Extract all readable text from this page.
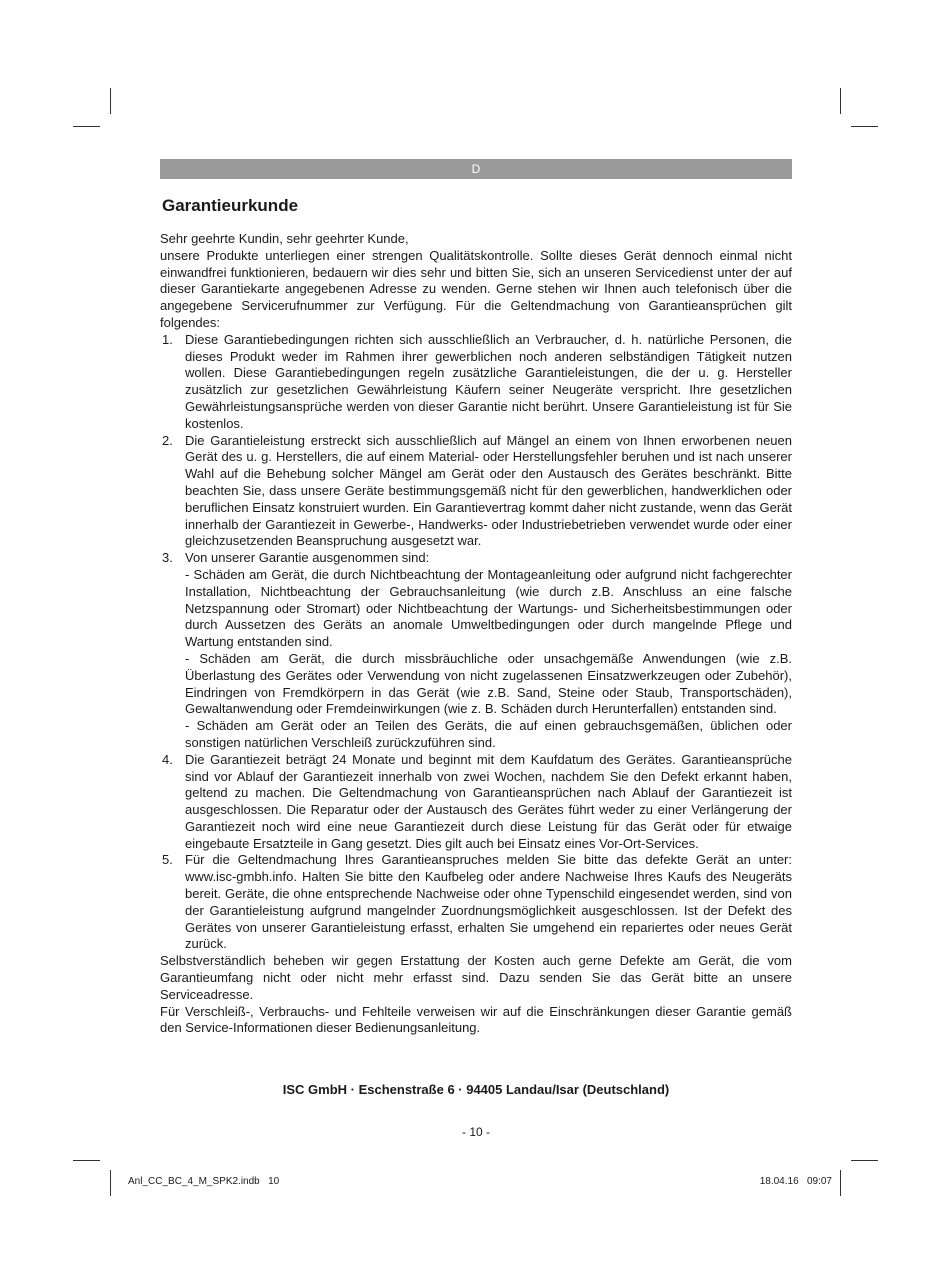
D
Garantieurkunde

Sehr geehrte Kundin, sehr geehrter Kunde,

unsere Produkte unterliegen einer strengen Qualitätskontrolle. Sollte dieses Gerät dennoch einmal nicht einwandfrei funktionieren, bedauern wir dies sehr und bitten Sie, sich an unseren Servicedienst unter der auf dieser Garantiekarte angegebenen Adresse zu wenden. Gerne stehen wir Ihnen auch telefonisch über die angegebene Servicerufnummer zur Verfügung. Für die Geltendmachung von Garantieansprüchen gilt folgendes:

1. Diese Garantiebedingungen richten sich ausschließlich an Verbraucher, d. h. natürliche Personen, die dieses Produkt weder im Rahmen ihrer gewerblichen noch anderen selbständigen Tätigkeit nutzen wollen. Diese Garantiebedingungen regeln zusätzliche Garantieleistungen, die der u. g. Hersteller zusätzlich zur gesetzlichen Gewährleistung Käufern seiner Neugeräte verspricht. Ihre gesetzlichen Gewährleistungsansprüche werden von dieser Garantie nicht berührt. Unsere Garantieleistung ist für Sie kostenlos.
2. Die Garantieleistung erstreckt sich ausschließlich auf Mängel an einem von Ihnen erworbenen neuen Gerät des u. g. Herstellers, die auf einem Material- oder Herstellungsfehler beruhen und ist nach unserer Wahl auf die Behebung solcher Mängel am Gerät oder den Austausch des Gerätes beschränkt. Bitte beachten Sie, dass unsere Geräte bestimmungsgemäß nicht für den gewerblichen, handwerklichen oder beruflichen Einsatz konstruiert wurden. Ein Garantievertrag kommt daher nicht zustande, wenn das Gerät innerhalb der Garantiezeit in Gewerbe-, Handwerks- oder Industriebetrieben verwendet wurde oder einer gleichzusetzenden Beanspruchung ausgesetzt war.
3. Von unserer Garantie ausgenommen sind:
- Schäden am Gerät, die durch Nichtbeachtung der Montageanleitung oder aufgrund nicht fachgerechter Installation, Nichtbeachtung der Gebrauchsanleitung (wie durch z.B. Anschluss an eine falsche Netzspannung oder Stromart) oder Nichtbeachtung der Wartungs- und Sicherheitsbestimmungen oder durch Aussetzen des Geräts an anomale Umweltbedingungen oder durch mangelnde Pflege und Wartung entstanden sind.
- Schäden am Gerät, die durch missbräuchliche oder unsachgemäße Anwendungen (wie z.B. Überlastung des Gerätes oder Verwendung von nicht zugelassenen Einsatzwerkzeugen oder Zubehör), Eindringen von Fremdkörpern in das Gerät (wie z.B. Sand, Steine oder Staub, Transportschäden), Gewaltanwendung oder Fremdeinwirkungen (wie z. B. Schäden durch Herunterfallen) entstanden sind.
- Schäden am Gerät oder an Teilen des Geräts, die auf einen gebrauchsgemäßen, üblichen oder sonstigen natürlichen Verschleiß zurückzuführen sind.
4. Die Garantiezeit beträgt 24 Monate und beginnt mit dem Kaufdatum des Gerätes. Garantieansprüche sind vor Ablauf der Garantiezeit innerhalb von zwei Wochen, nachdem Sie den Defekt erkannt haben, geltend zu machen. Die Geltendmachung von Garantieansprüchen nach Ablauf der Garantiezeit ist ausgeschlossen. Die Reparatur oder der Austausch des Gerätes führt weder zu einer Verlängerung der Garantiezeit noch wird eine neue Garantiezeit durch diese Leistung für das Gerät oder für etwaige eingebaute Ersatzteile in Gang gesetzt. Dies gilt auch bei Einsatz eines Vor-Ort-Services.
5. Für die Geltendmachung Ihres Garantieanspruches melden Sie bitte das defekte Gerät an unter: www.isc-gmbh.info. Halten Sie bitte den Kaufbeleg oder andere Nachweise Ihres Kaufs des Neugeräts bereit. Geräte, die ohne entsprechende Nachweise oder ohne Typenschild eingesendet werden, sind von der Garantieleistung aufgrund mangelnder Zuordnungsmöglichkeit ausgeschlossen. Ist der Defekt des Gerätes von unserer Garantieleistung erfasst, erhalten Sie umgehend ein repariertes oder neues Gerät zurück.

Selbstverständlich beheben wir gegen Erstattung der Kosten auch gerne Defekte am Gerät, die vom Garantieumfang nicht oder nicht mehr erfasst sind. Dazu senden Sie das Gerät bitte an unsere Serviceadresse.

Für Verschleiß-, Verbrauchs- und Fehlteile verweisen wir auf die Einschränkungen dieser Garantie gemäß den Service-Informationen dieser Bedienungsanleitung.

ISC GmbH · Eschenstraße 6 · 94405 Landau/Isar (Deutschland)
- 10 -
Anl_CC_BC_4_M_SPK2.indb   10	18.04.16   09:07
